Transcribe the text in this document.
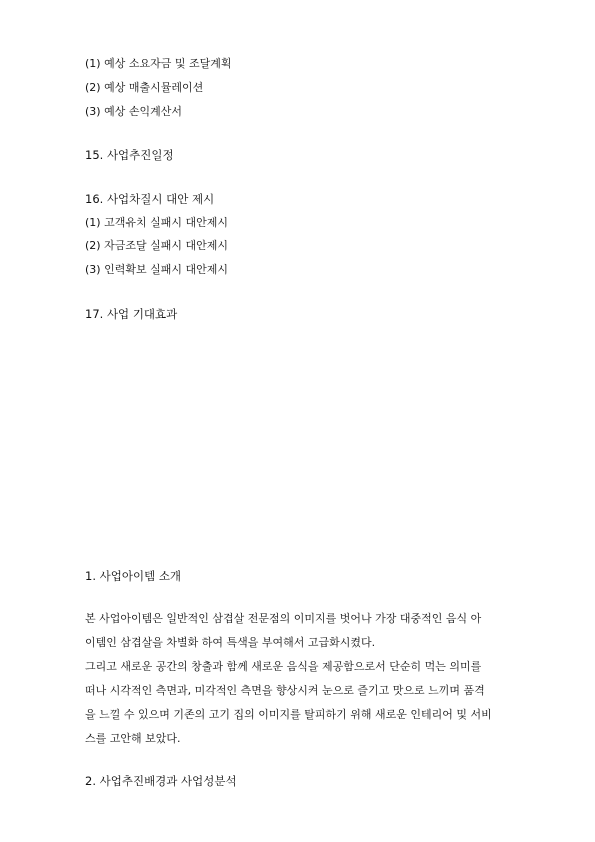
(1) 예상 소요자금 및 조달계획
(2) 예상 매출시뮬레이션
(3) 예상 손익계산서
15. 사업추진일정
16. 사업차질시 대안 제시
(1) 고객유치 실패시 대안제시
(2) 자금조달 실패시 대안제시
(3) 인력확보 실패시 대안제시
17. 사업 기대효과
1. 사업아이템 소개
본 사업아이템은 일반적인 삼겹살 전문점의 이미지를 벗어나 가장 대중적인 음식 아
이템인 삼겹살을 차별화 하여 특색을 부여해서 고급화시켰다.
그리고 새로운 공간의 창출과 함께 새로운 음식을 제공함으로서 단순히 먹는 의미를
떠나 시각적인 측면과, 미각적인 측면을 향상시켜 눈으로 즐기고 맛으로 느끼며 품격
을 느낄 수 있으며 기존의 고기 집의 이미지를 탈피하기 위해 새로운 인테리어 및 서비
스를 고안해 보았다.
2. 사업추진배경과 사업성분석
